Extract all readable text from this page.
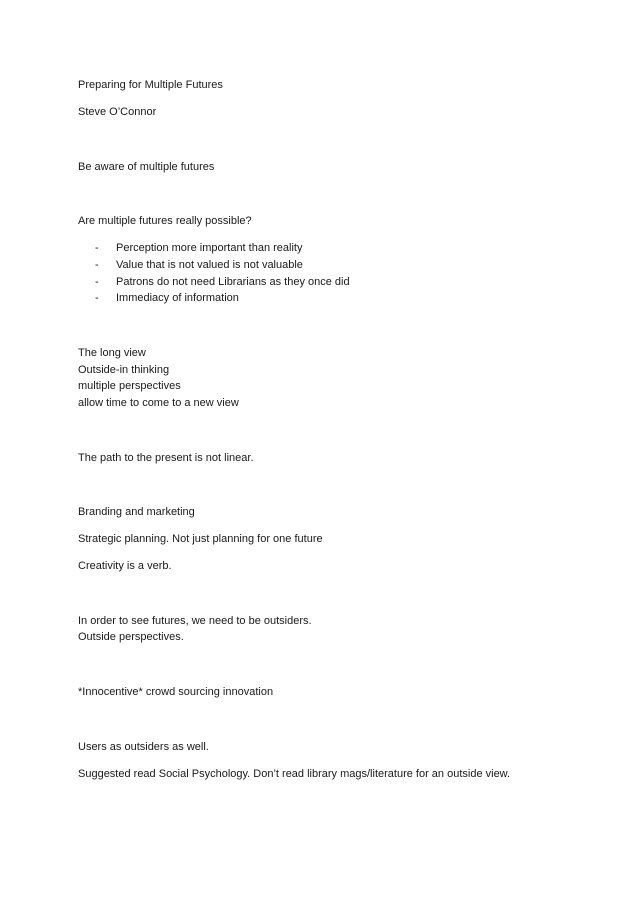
Preparing for Multiple Futures
Steve O’Connor
Be aware of multiple futures
Are multiple futures really possible?
- Perception more important than reality
- Value that is not valued is not valuable
- Patrons do not need Librarians as they once did
- Immediacy of information
The long view
Outside-in thinking
multiple perspectives
allow time to come to a new view
The path to the present is not linear.
Branding and marketing
Strategic planning. Not just planning for one future
Creativity is a verb.
In order to see futures, we need to be outsiders.
Outside perspectives.
*Innocentive* crowd sourcing innovation
Users as outsiders as well.
Suggested read Social Psychology. Don’t read library mags/literature for an outside view.
